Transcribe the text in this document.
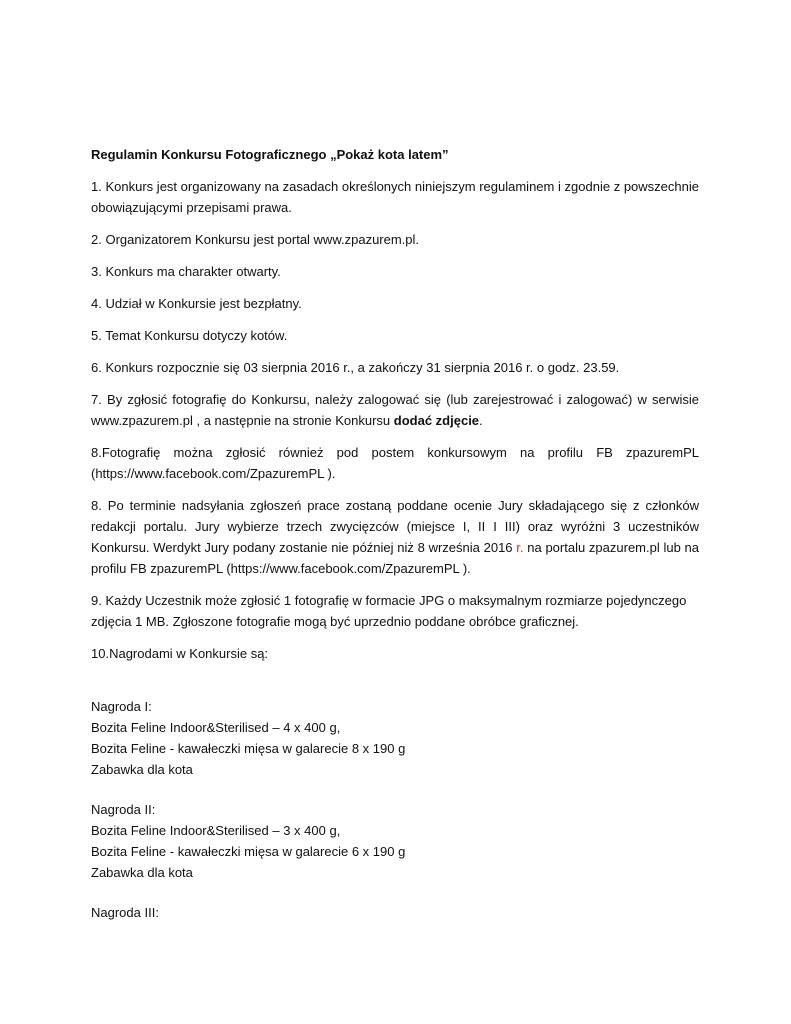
Regulamin Konkursu Fotograficznego „Pokaż kota latem”
1. Konkurs jest organizowany na zasadach określonych niniejszym regulaminem i zgodnie z powszechnie obowiązującymi przepisami prawa.
2. Organizatorem Konkursu jest portal www.zpazurem.pl.
3. Konkurs ma charakter otwarty.
4. Udział w Konkursie jest bezpłatny.
5. Temat Konkursu dotyczy kotów.
6. Konkurs rozpocznie się 03 sierpnia 2016 r., a zakończy 31 sierpnia 2016 r. o godz. 23.59.
7. By zgłosić fotografię do Konkursu, należy zalogować się (lub zarejestrować i zalogować) w serwisie www.zpazurem.pl , a następnie na stronie Konkursu dodać zdjęcie.
8.Fotografię można zgłosić również pod postem konkursowym na profilu FB zpazuremPL (https://www.facebook.com/ZpazuremPL ).
8. Po terminie nadsyłania zgłoszeń prace zostaną poddane ocenie Jury składającego się z członków redakcji portalu. Jury wybierze trzech zwycięzców (miejsce I, II I III) oraz wyróżni 3 uczestników Konkursu. Werdykt Jury podany zostanie nie później niż 8 września 2016 r. na portalu zpazurem.pl lub na profilu FB zpazuremPL (https://www.facebook.com/ZpazuremPL ).
9. Każdy Uczestnik może zgłosić 1 fotografię w formacie JPG o maksymalnym rozmiarze pojedynczego zdjęcia 1 MB. Zgłoszone fotografie mogą być uprzednio poddane obróbce graficznej.
10.Nagrodami w Konkursie są:
Nagroda I:
Bozita Feline Indoor&Sterilised – 4 x 400 g,
Bozita Feline - kawałeczki mięsa w galarecie 8 x 190 g
Zabawka dla kota
Nagroda II:
Bozita Feline Indoor&Sterilised – 3 x 400 g,
Bozita Feline - kawałeczki mięsa w galarecie 6 x 190 g
Zabawka dla kota
Nagroda III:
